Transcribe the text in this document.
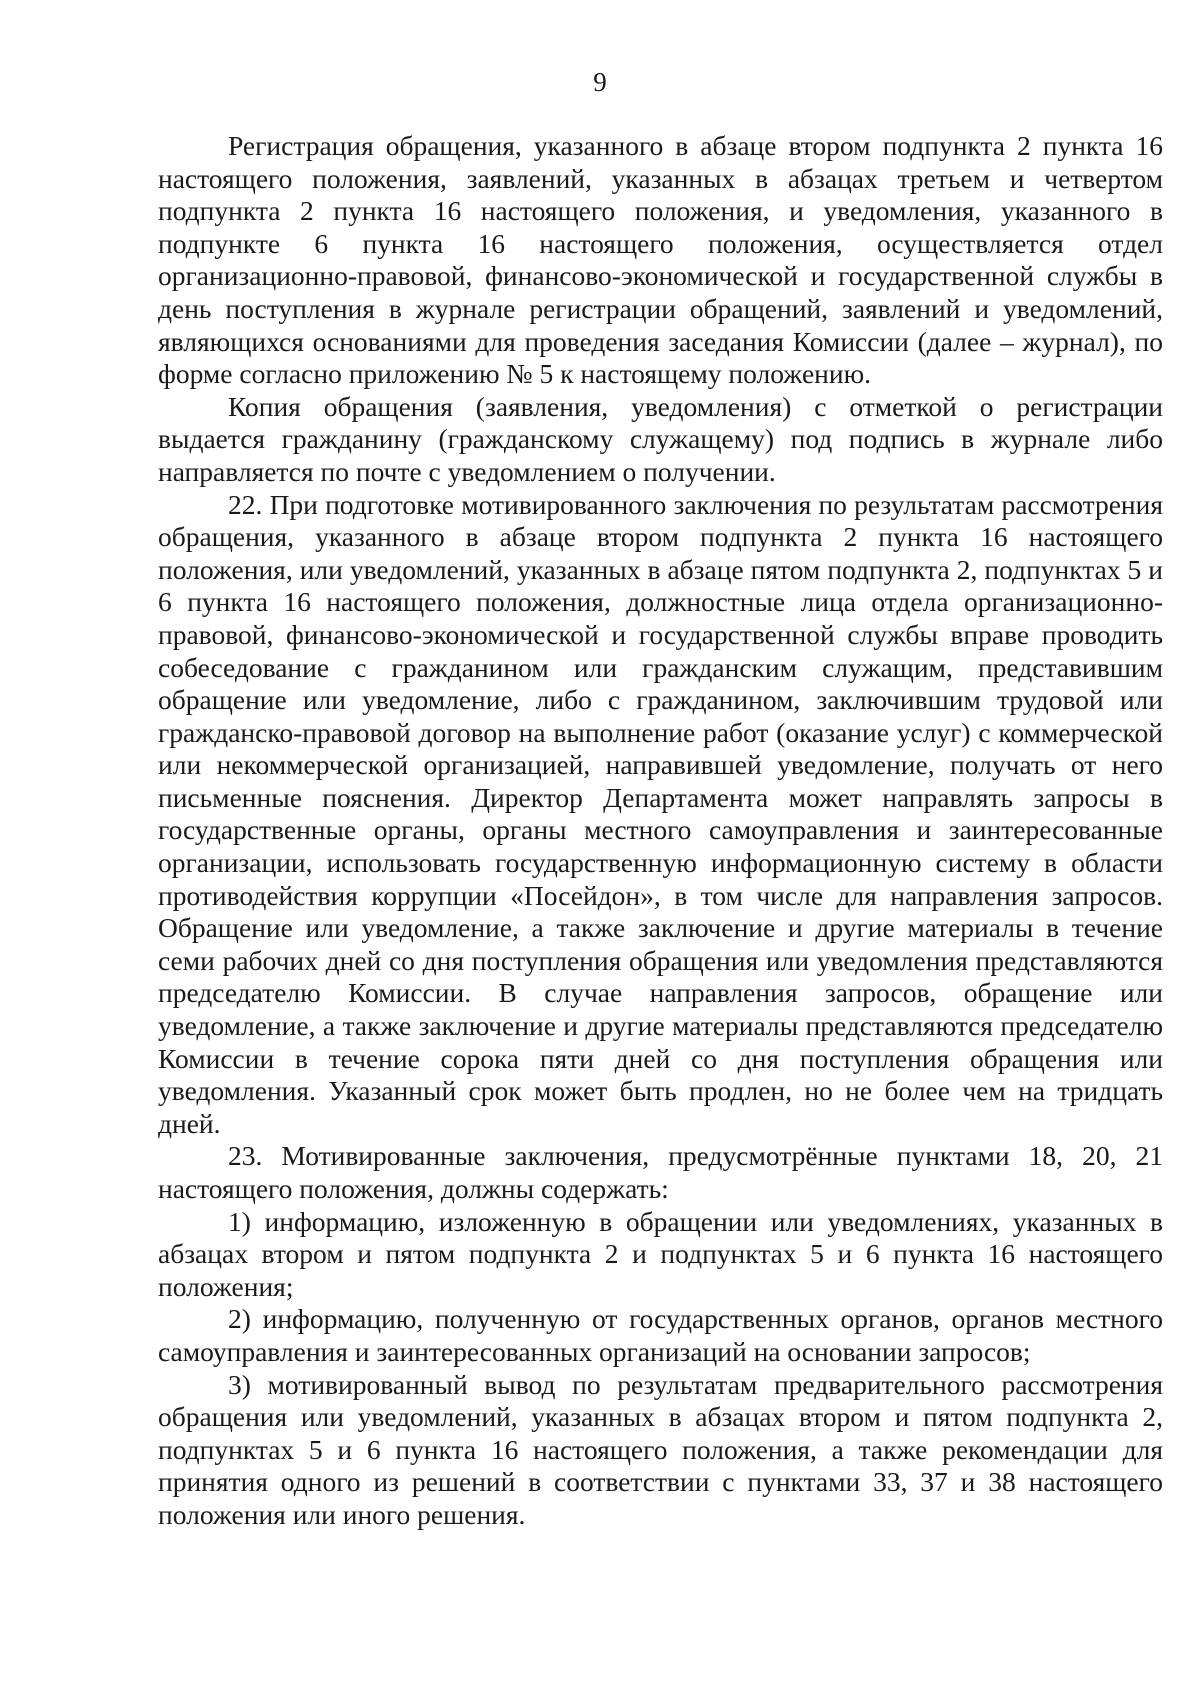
9

Регистрация обращения, указанного в абзаце втором подпункта 2 пункта 16 настоящего положения, заявлений, указанных в абзацах третьем и четвертом подпункта 2 пункта 16 настоящего положения, и уведомления, указанного в подпункте 6 пункта 16 настоящего положения, осуществляется отдел организационно-правовой, финансово-экономической и государственной службы в день поступления в журнале регистрации обращений, заявлений и уведомлений, являющихся основаниями для проведения заседания Комиссии (далее – журнал), по форме согласно приложению № 5 к настоящему положению.

Копия обращения (заявления, уведомления) с отметкой о регистрации выдается гражданину (гражданскому служащему) под подпись в журнале либо направляется по почте с уведомлением о получении.

22. При подготовке мотивированного заключения по результатам рассмотрения обращения, указанного в абзаце втором подпункта 2 пункта 16 настоящего положения, или уведомлений, указанных в абзаце пятом подпункта 2, подпунктах 5 и 6 пункта 16 настоящего положения, должностные лица отдела организационно-правовой, финансово-экономической и государственной службы вправе проводить собеседование с гражданином или гражданским служащим, представившим обращение или уведомление, либо с гражданином, заключившим трудовой или гражданско-правовой договор на выполнение работ (оказание услуг) с коммерческой или некоммерческой организацией, направившей уведомление, получать от него письменные пояснения. Директор Департамента может направлять запросы в государственные органы, органы местного самоуправления и заинтересованные организации, использовать государственную информационную систему в области противодействия коррупции «Посейдон», в том числе для направления запросов. Обращение или уведомление, а также заключение и другие материалы в течение семи рабочих дней со дня поступления обращения или уведомления представляются председателю Комиссии. В случае направления запросов, обращение или уведомление, а также заключение и другие материалы представляются председателю Комиссии в течение сорока пяти дней со дня поступления обращения или уведомления. Указанный срок может быть продлен, но не более чем на тридцать дней.

23. Мотивированные заключения, предусмотрённые пунктами 18, 20, 21 настоящего положения, должны содержать:

1) информацию, изложенную в обращении или уведомлениях, указанных в абзацах втором и пятом подпункта 2 и подпунктах 5 и 6 пункта 16 настоящего положения;

2) информацию, полученную от государственных органов, органов местного самоуправления и заинтересованных организаций на основании запросов;

3) мотивированный вывод по результатам предварительного рассмотрения обращения или уведомлений, указанных в абзацах втором и пятом подпункта 2, подпунктах 5 и 6 пункта 16 настоящего положения, а также рекомендации для принятия одного из решений в соответствии с пунктами 33, 37 и 38 настоящего положения или иного решения.
